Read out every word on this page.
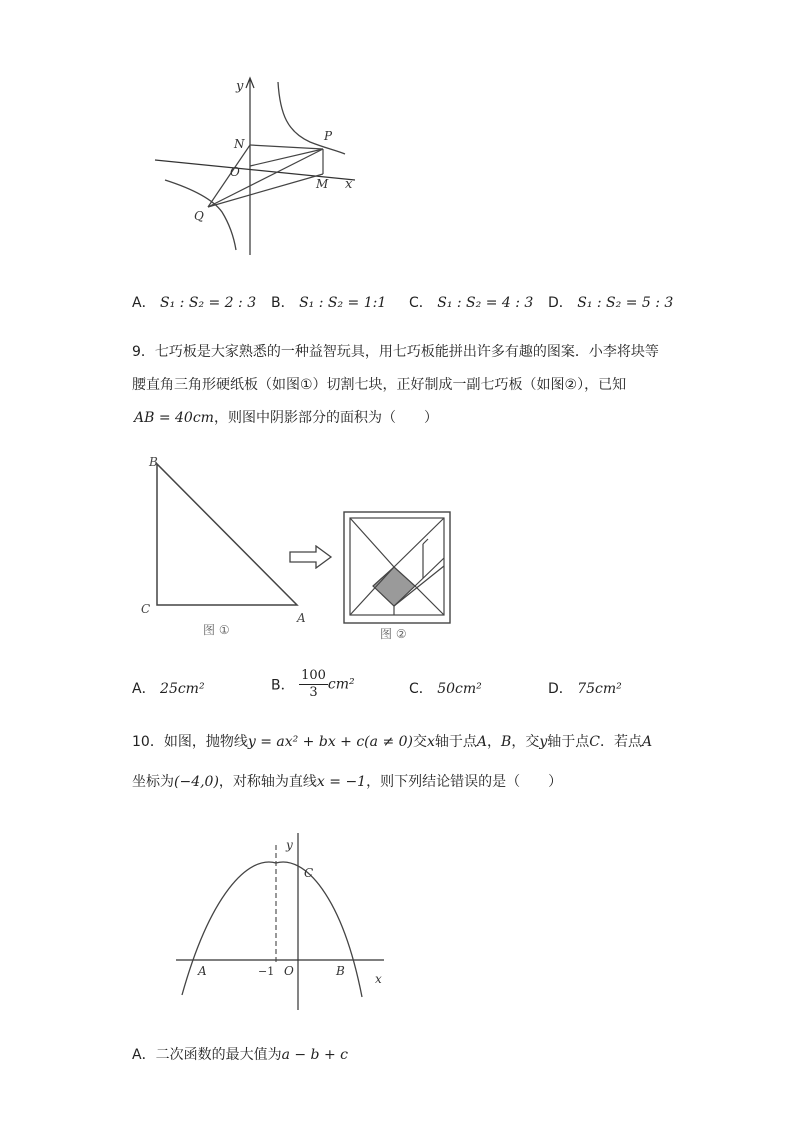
y
N
P
O
M x
Q
A． S₁ : S₂ = 2 : 3 B． S₁ : S₂ = 1:1 C． S₁ : S₂ = 4 : 3 D． S₁ : S₂ = 5 : 3
9．七巧板是大家熟悉的一种益智玩具，用七巧板能拼出许多有趣的图案．小李将块等
腰直角三角形硬纸板（如图①）切割七块，正好制成一副七巧板（如图②），已知
AB = 40cm，则图中阴影部分的面积为（　　）
B
C
A
图 ①	图 ②
A． 25cm²	B． $\frac{100}{3} cm^2$	C． 50cm²	D． 75cm²
10．如图，抛物线y = ax² + bx + c(a ≠ 0)交x轴于点A，B，交y轴于点C．若点A
坐标为(−4,0)，对称轴为直线x = −1，则下列结论错误的是（　　）
y
C
A	−1 O	B
x
A．二次函数的最大值为a − b + c
